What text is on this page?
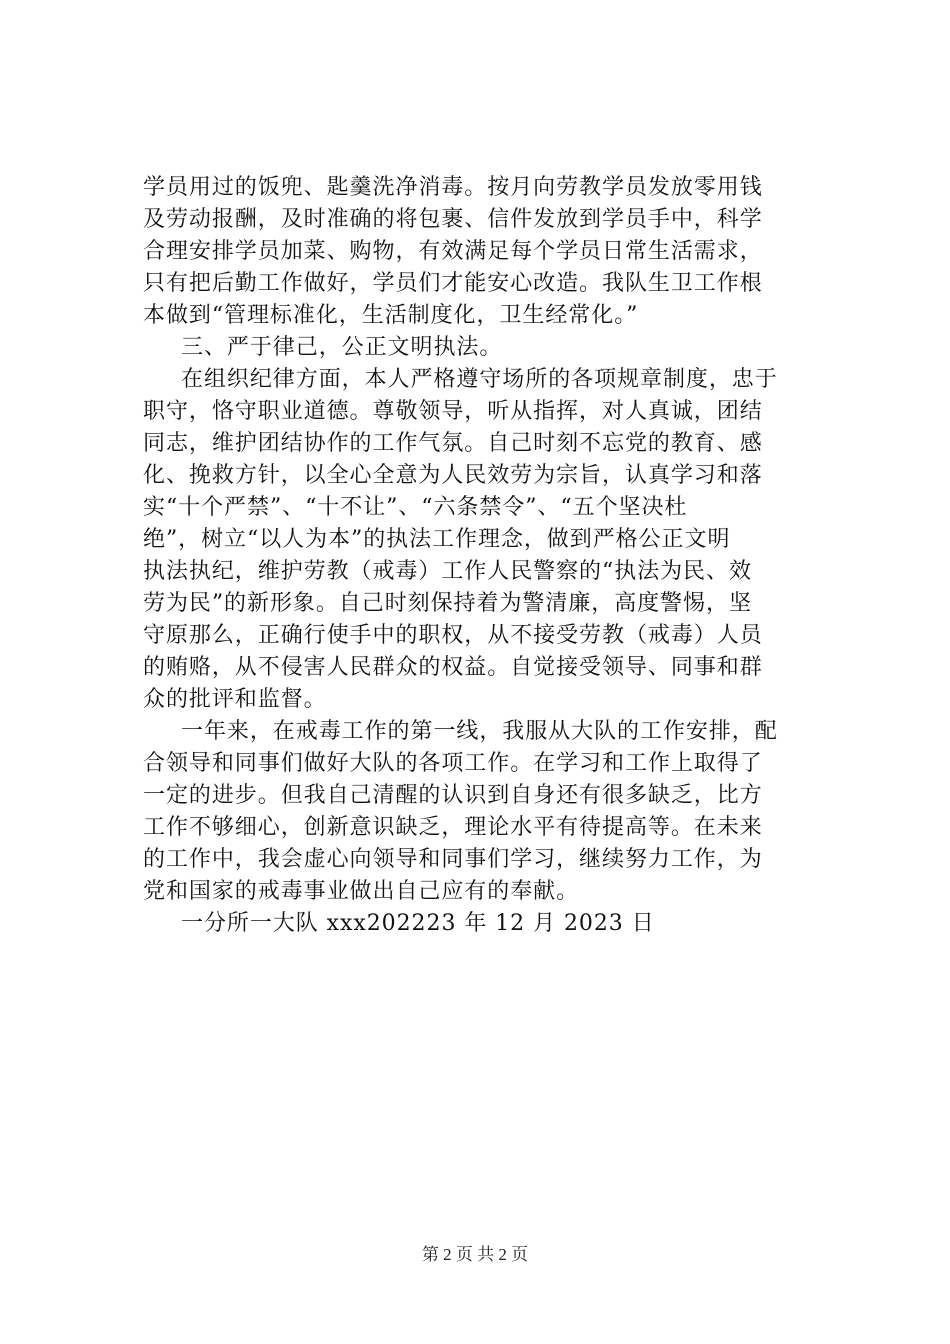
学员用过的饭兜、匙羹洗净消毒。按月向劳教学员发放零用钱
及劳动报酬，及时准确的将包裹、信件发放到学员手中，科学
合理安排学员加菜、购物，有效满足每个学员日常生活需求，
只有把后勤工作做好，学员们才能安心改造。我队生卫工作根
本做到“管理标准化，生活制度化，卫生经常化。”
三、严于律己，公正文明执法。
在组织纪律方面，本人严格遵守场所的各项规章制度，忠于
职守，恪守职业道德。尊敬领导，听从指挥，对人真诚，团结
同志，维护团结协作的工作气氛。自己时刻不忘党的教育、感
化、挽救方针，以全心全意为人民效劳为宗旨，认真学习和落
实“十个严禁”、“十不让”、“六条禁令”、“五个坚决杜
绝”，树立“以人为本”的执法工作理念，做到严格公正文明
执法执纪，维护劳教（戒毒）工作人民警察的“执法为民、效
劳为民”的新形象。自己时刻保持着为警清廉，高度警惕，坚
守原那么，正确行使手中的职权，从不接受劳教（戒毒）人员
的贿赂，从不侵害人民群众的权益。自觉接受领导、同事和群
众的批评和监督。
一年来，在戒毒工作的第一线，我服从大队的工作安排，配
合领导和同事们做好大队的各项工作。在学习和工作上取得了
一定的进步。但我自己清醒的认识到自身还有很多缺乏，比方
工作不够细心，创新意识缺乏，理论水平有待提高等。在未来
的工作中，我会虚心向领导和同事们学习，继续努力工作，为
党和国家的戒毒事业做出自己应有的奉献。
一分所一大队 xxx202223 年 12 月 2023 日
第 2 页 共 2 页
